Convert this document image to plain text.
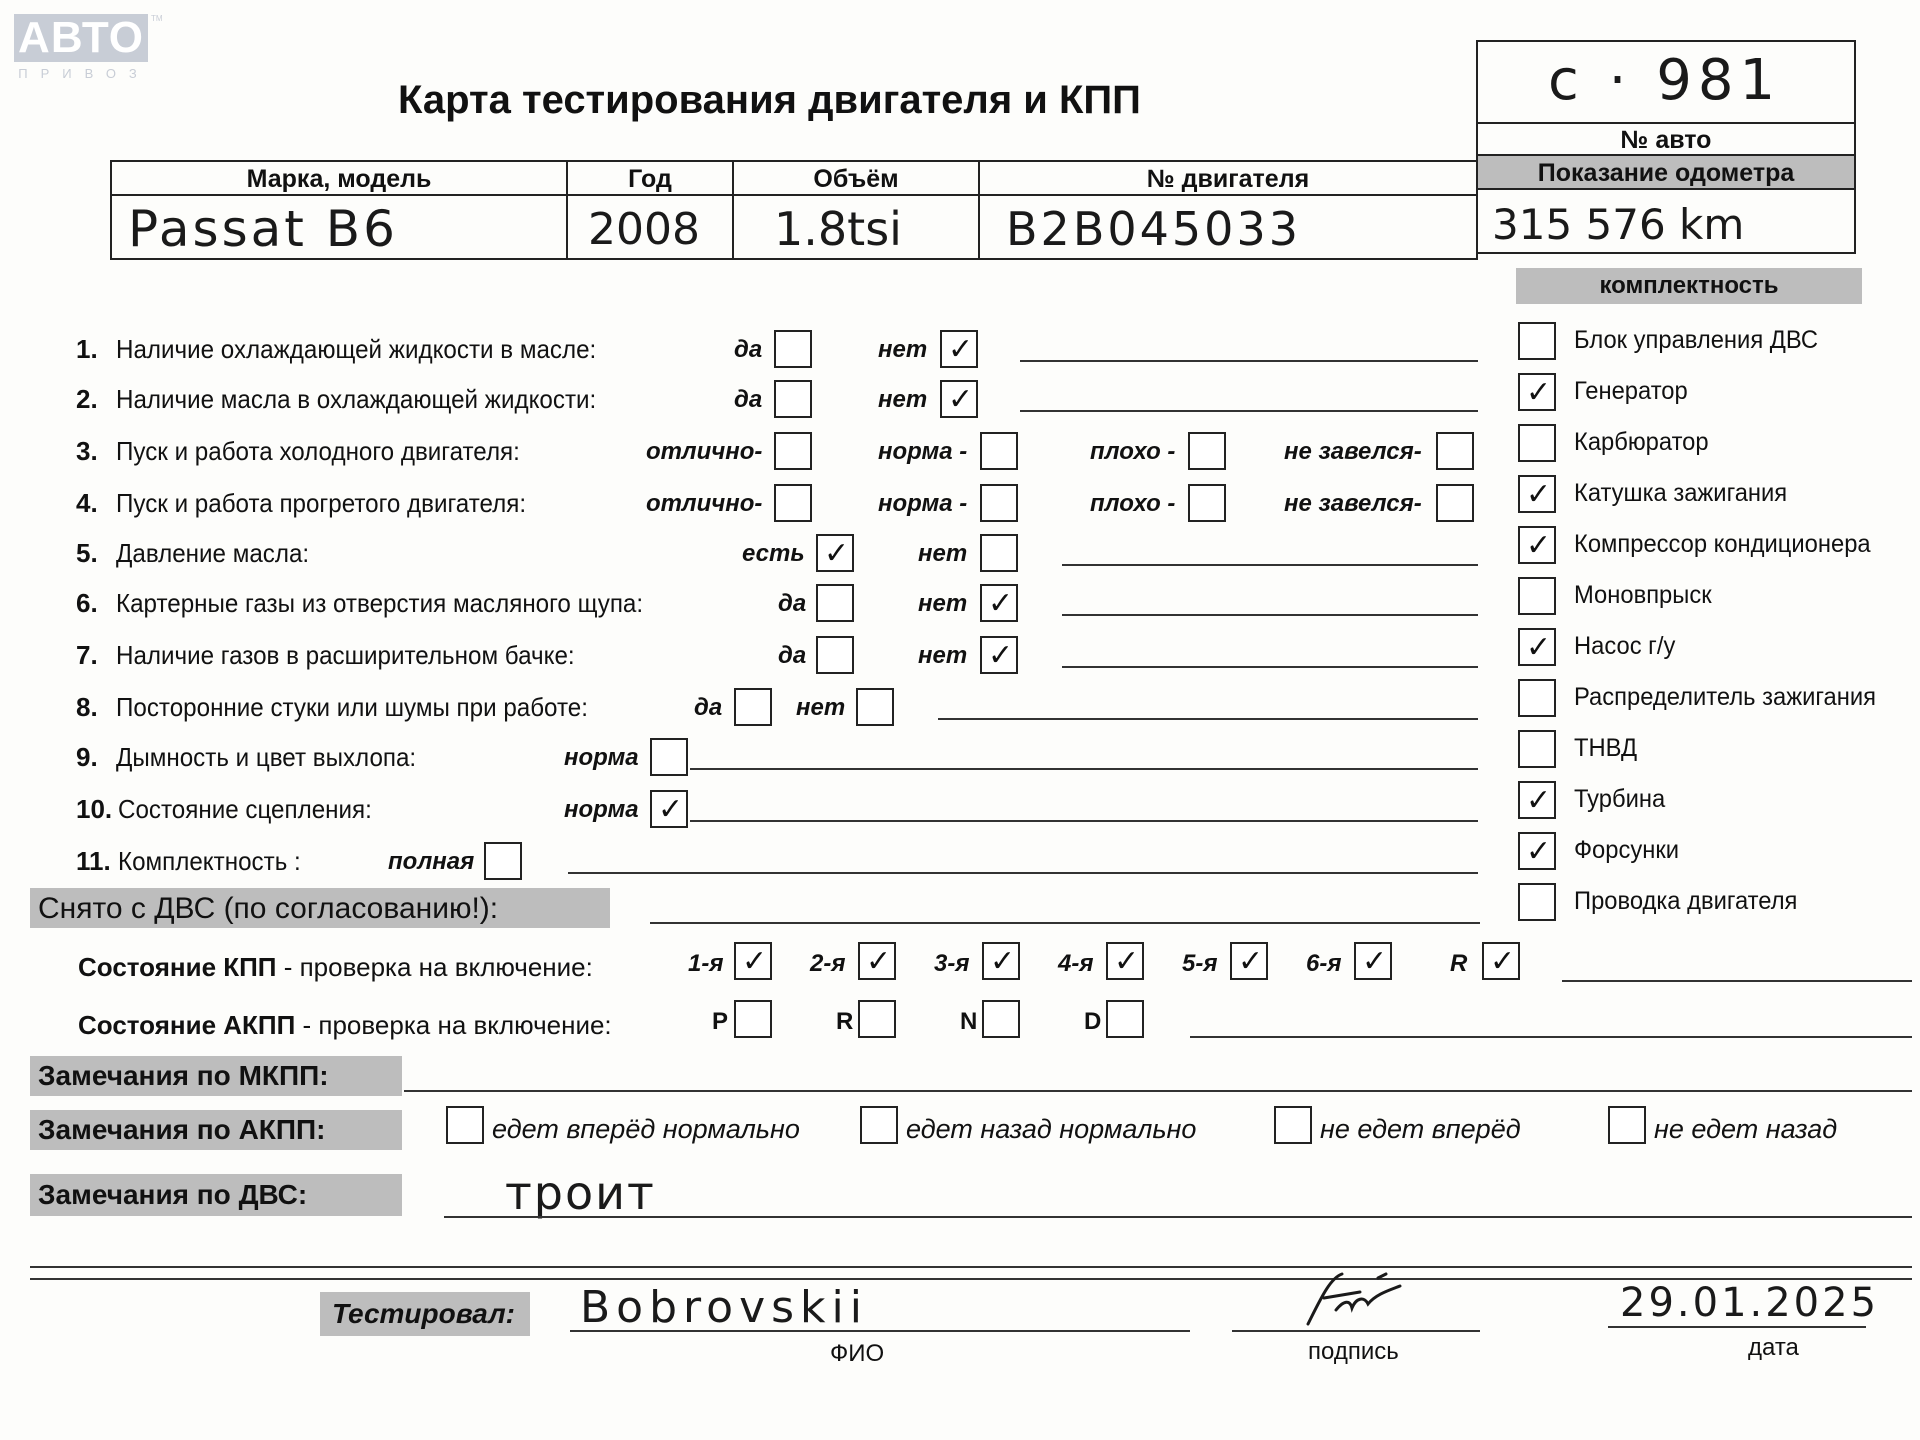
АВТО
ПРИВОЗ
ТМ
Карта тестирования двигателя и КПП	c · 981
№ авто
Марка, модель	Год	Объём	№ двигателя	Показание одометра
Passat B6	2008 1.8tsi B2B045033	315 576 km
комплектность
1. Наличие охлаждающей жидкости в масле:	да	нет ✓
2. Наличие масла в охлаждающей жидкости:	да	нет ✓
3. Пуск и работа холодного двигателя:	отлично-	норма -	плохо -	не завелся-
4. Пуск и работа прогретого двигателя:	отлично-	норма -	плохо -	не завелся-
5. Давление масла:	есть ✓	нет
6. Картерные газы из отверстия масляного щупа:	да	нет ✓
7. Наличие газов в расширительном бачке:	да	нет ✓
8. Посторонние стуки или шумы при работе:	да	нет
9. Дымность и цвет выхлопа:	норма
10. Состояние сцепления:	норма ✓
11. Комплектность :	полная
Блок управления ДВС
✓ Генератор
Карбюратор
✓ Катушка зажигания
✓ Компрессор кондиционера
Моновпрыск
✓ Насос г/у
Распределитель зажигания
ТНВД
✓ Турбина
✓ Форсунки
Проводка двигателя
Снято с ДВС (по согласованию!):
Состояние КПП - проверка на включение:	1-я ✓ 2-я ✓ 3-я ✓ 4-я ✓ 5-я ✓ 6-я ✓	R ✓
Состояние АКПП - проверка на включение:	P	R	N	D
Замечания по МКПП:
Замечания по АКПП:	едет вперёд нормально	едет назад нормально	не едет вперёд	не едет назад
Замечания по ДВС:	троит
Тестировал: Bobrovskii
ФИО	подпись
29.01.2025
дата
